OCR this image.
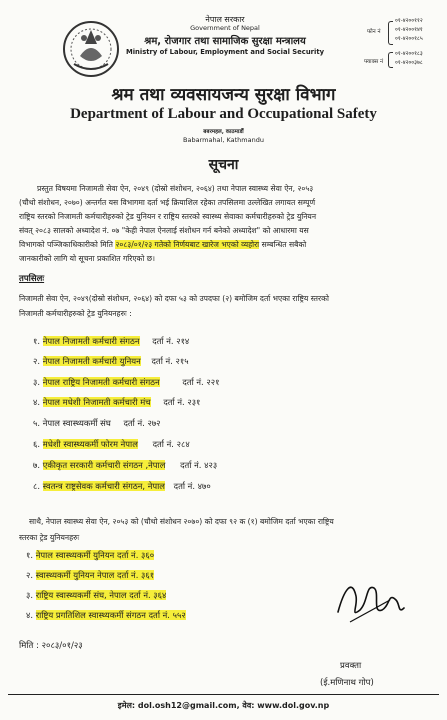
नेपाल सरकार
Government of Nepal
श्रम, रोजगार तथा सामाजिक सुरक्षा मन्त्रालय
Ministry of Labour, Employment and Social Security
फोन नं
०१-४२००११२
०१-४२००१४१
०१-४२००१८५
फ्याक्स नं
०१-४२००१८३
०१-४२००३७८
श्रम तथा व्यवसायजन्य सुरक्षा विभाग
Department of Labour and Occupational Safety
बबरमहल, काठमाडौं
Babarmahal, Kathmandu
सूचना
प्रस्तुत विषयमा निजामती सेवा ऐन, २०४९ (दोस्रो संशोधन, २०६४) तथा नेपाल स्वास्थ्य सेवा ऐन, २०५३
(चौथो संशोधन, २०७०) अन्तर्गत यस विभागमा दर्ता भई क्रियाशिल रहेका तपसिलमा उल्लेखित लगायत सम्पूर्ण
राष्ट्रिय स्तरको निजामती कर्मचारीहरुको ट्रेड युनियन र राष्ट्रिय स्तरको स्वास्थ्य सेवाका कर्मचारीहरुको ट्रेड युनियन
संवत् २०८३ सालको अध्यादेश नं. ०७ "केही नेपाल ऐनलाई संशोधन गर्न बनेको अध्यादेश" को आधारमा यस
विभागको पञ्जिकाधिकारीको मिति २०८३/०१/२३ गतेको निर्णयबाट खारेज भएको व्यहोरा सम्बन्धित सबैको
जानकारीको लागि यो सूचना प्रकाशित गरिएको छ।
तपसिलः
निजामती सेवा ऐन, २०४९(दोस्रो संशोधन, २०६४) को दफा ५३ को उपदफा (२) बमोजिम दर्ता भएका राष्ट्रिय स्तरको
निजामती कर्मचारीहरुको ट्रेड युनियनहरुः :
१. नेपाल निजामती कर्मचारी संगठन दर्ता नं. २१४
२. नेपाल निजामती कर्मचारी युनियन दर्ता नं. २१५
३. नेपाल राष्ट्रिय निजामती कर्मचारी संगठन	दर्ता नं. २२१
४. नेपाल मधेशी निजामती कर्मचारी मंच दर्ता नं. २३१
५. नेपाल स्वास्थ्यकर्मी संघ दर्ता नं. २७२
६. मधेशी स्वास्थ्यकर्मी फोरम नेपाल दर्ता नं. २८४
७. एकीकृत सरकारी कर्मचारी संगठन ,नेपाल दर्ता नं. ४२३
८. स्वतन्त्र राष्ट्रसेवक कर्मचारी संगठन, नेपाल दर्ता नं. ४७०
साथै, नेपाल स्वास्थ्य सेवा ऐन, २०५३ को (चौथो संशोधन २०७०) को दफा ९२ क (१) बमोजिम दर्ता भएका राष्ट्रिय
स्तरका ट्रेड युनियनहरुः
१. नेपाल स्वास्थ्यकर्मी युनियन दर्ता नं. ३६०
२. स्वास्थ्यकर्मी युनियन नेपाल दर्ता नं. ३६१
३. राष्ट्रिय स्वास्थ्यकर्मी संघ, नेपाल दर्ता नं. ३६४
४. राष्ट्रिय प्रगतिशिल स्वास्थ्यकर्मी संगठन दर्ता नं. ५५२
मिति : २०८३/०१/२३
प्रवक्ता
(ई.मणिनाथ गोप)
इमेल: dol.osh12@gmail.com, वेव: www.dol.gov.np
